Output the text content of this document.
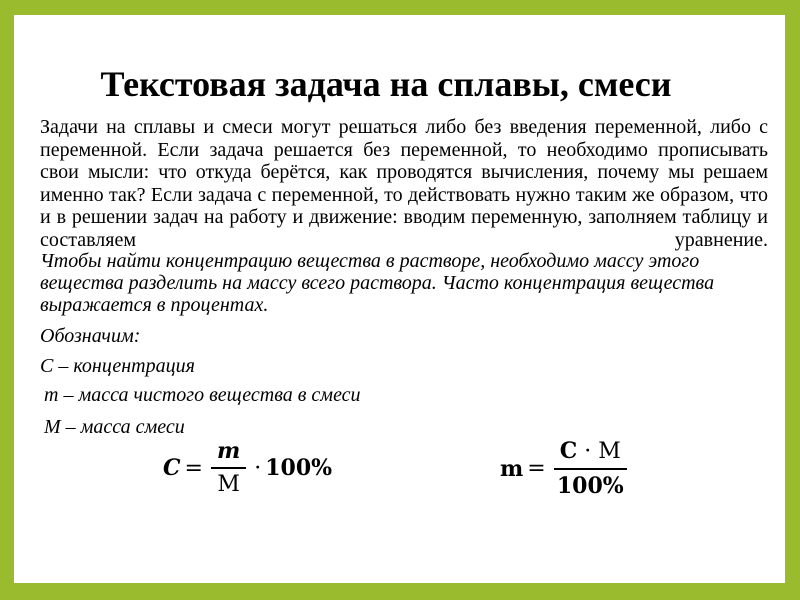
Текстовая задача на сплавы, смеси

Задачи на сплавы и смеси могут решаться либо без введения переменной, либо с переменной. Если задача решается без переменной, то необходимо прописывать свои мысли: что откуда берётся, как проводятся вычисления, почему мы решаем именно так? Если задача с переменной, то действовать нужно таким же образом, что и в решении задач на работу и движение: вводим переменную, заполняем таблицу и составляем уравнение.

Чтобы найти концентрацию вещества в растворе, необходимо массу этого вещества разделить на массу всего раствора. Часто концентрация вещества выражается в процентах.

Обозначим:

С – концентрация

m – масса чистого вещества в смеси

М – масса смеси

𝑪 = $\frac{\text{𝒎}}{М} \cdot 100\%$	$m = \frac{C \cdot M}{100\%}$
